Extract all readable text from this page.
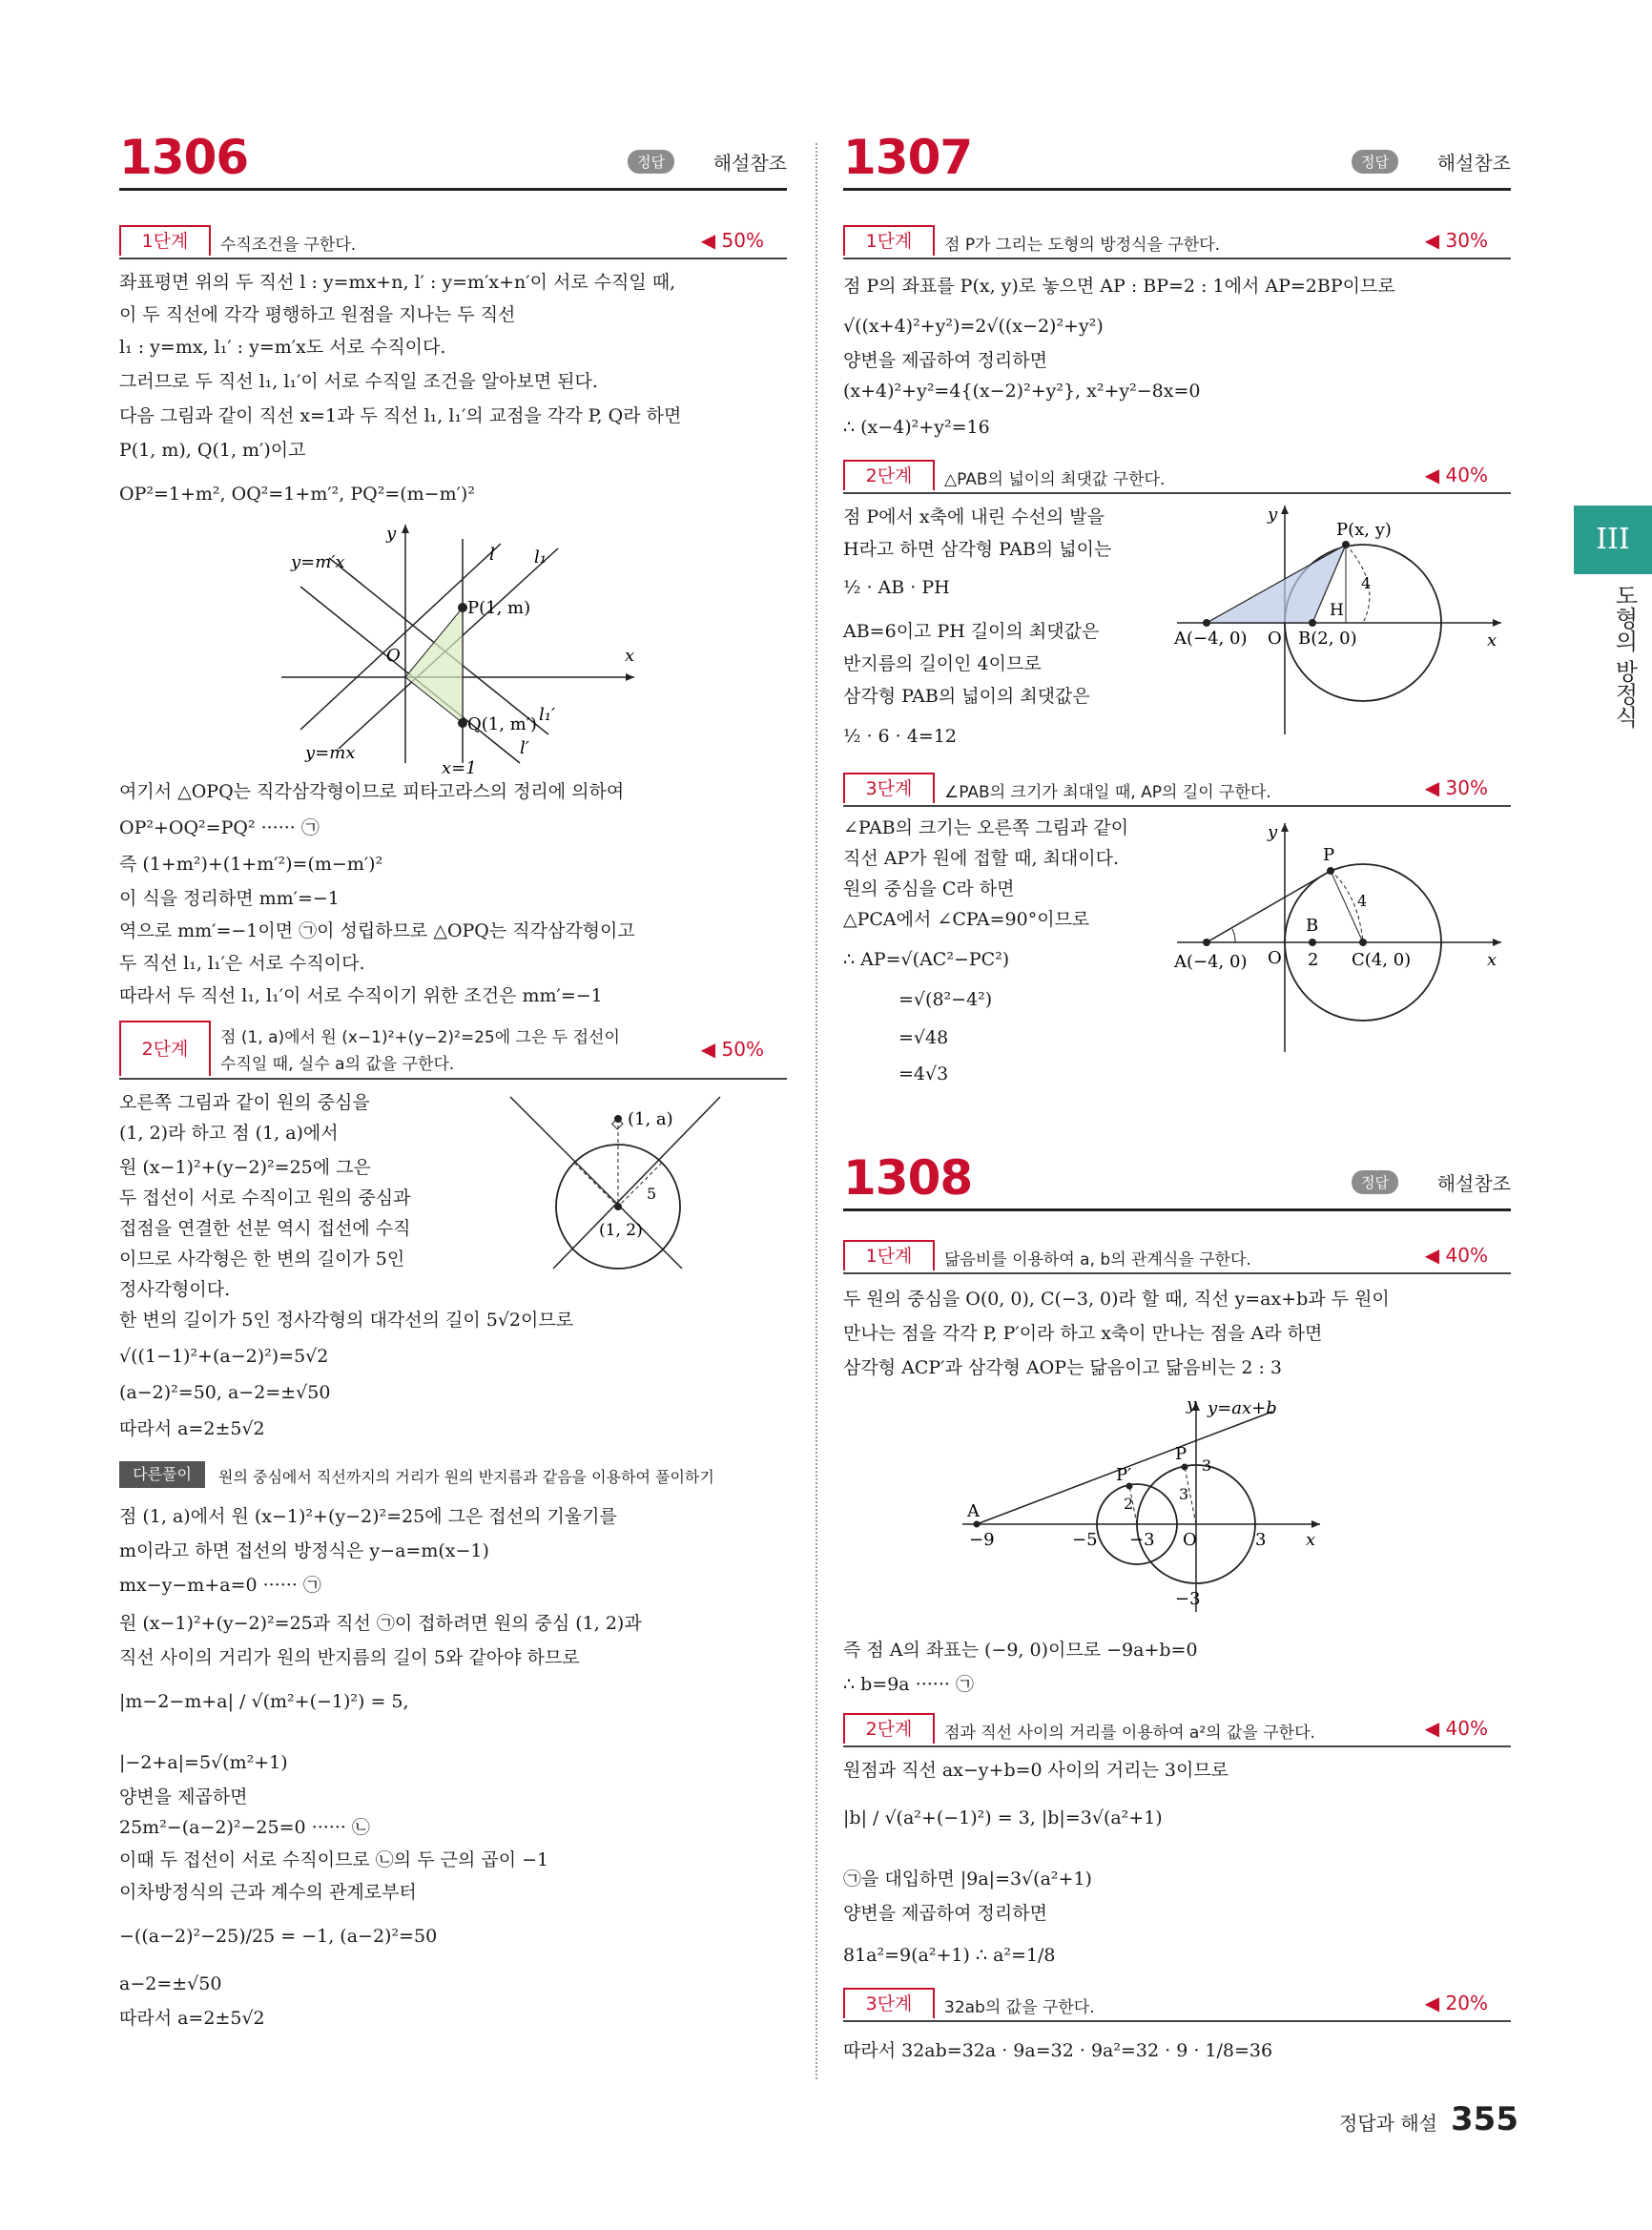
1306	정답	해설참조
1단계	수직조건을 구한다.	◀ 50%
좌표평면 위의 두 직선 l : y=mx+n, l′ : y=m′x+n′이 서로 수직일 때,
이 두 직선에 각각 평행하고 원점을 지나는 두 직선
l₁ : y=mx, l₁′ : y=m′x도 서로 수직이다.
그러므로 두 직선 l₁, l₁′이 서로 수직일 조건을 알아보면 된다.
다음 그림과 같이 직선 x=1과 두 직선 l₁, l₁′의 교점을 각각 P, Q라 하면
P(1, m), Q(1, m′)이고
OP²=1+m², OQ²=1+m′², PQ²=(m−m′)²
y
x
O
P(1, m)
Q(1, m′)
y=m′x
y=mx
l l₁
l₁′
l′
x=1
여기서 △OPQ는 직각삼각형이므로 피타고라스의 정리에 의하여
OP²+OQ²=PQ² ······ ㉠
즉 (1+m²)+(1+m′²)=(m−m′)²
이 식을 정리하면 mm′=−1
역으로 mm′=−1이면 ㉠이 성립하므로 △OPQ는 직각삼각형이고
두 직선 l₁, l₁′은 서로 수직이다.
따라서 두 직선 l₁, l₁′이 서로 수직이기 위한 조건은 mm′=−1
2단계
점 (1, a)에서 원 (x−1)²+(y−2)²=25에 그은 두 접선이
수직일 때, 실수 a의 값을 구한다.
◀ 50%
오른쪽 그림과 같이 원의 중심을
(1, 2)라 하고 점 (1, a)에서
원 (x−1)²+(y−2)²=25에 그은
두 접선이 서로 수직이고 원의 중심과
접점을 연결한 선분 역시 접선에 수직
이므로 사각형은 한 변의 길이가 5인
정사각형이다.
한 변의 길이가 5인 정사각형의 대각선의 길이 5√2이므로
√((1−1)²+(a−2)²)=5√2
(a−2)²=50, a−2=±√50
따라서 a=2±5√2
(1, a)
(1, 2)
5
다른풀이	원의 중심에서 직선까지의 거리가 원의 반지름과 같음을 이용하여 풀이하기
점 (1, a)에서 원 (x−1)²+(y−2)²=25에 그은 접선의 기울기를
m이라고 하면 접선의 방정식은 y−a=m(x−1)
mx−y−m+a=0 ······ ㉠
원 (x−1)²+(y−2)²=25과 직선 ㉠이 접하려면 원의 중심 (1, 2)과
직선 사이의 거리가 원의 반지름의 길이 5와 같아야 하므로
|m−2−m+a| / √(m²+(−1)²) = 5,
|−2+a|=5√(m²+1)
양변을 제곱하면
25m²−(a−2)²−25=0 ······ ㉡
이때 두 접선이 서로 수직이므로 ㉡의 두 근의 곱이 −1
이차방정식의 근과 계수의 관계로부터
−((a−2)²−25)/25 = −1, (a−2)²=50
a−2=±√50
따라서 a=2±5√2
1307	정답	해설참조
1단계	점 P가 그리는 도형의 방정식을 구한다.	◀ 30%
점 P의 좌표를 P(x, y)로 놓으면 AP : BP=2 : 1에서 AP=2BP이므로
√((x+4)²+y²)=2√((x−2)²+y²)
양변을 제곱하여 정리하면
(x+4)²+y²=4{(x−2)²+y²}, x²+y²−8x=0
∴ (x−4)²+y²=16
2단계	△PAB의 넓이의 최댓값 구한다.	◀ 40%
점 P에서 x축에 내린 수선의 발을
H라고 하면 삼각형 PAB의 넓이는
½ · AB · PH
AB=6이고 PH 길이의 최댓값은
반지름의 길이인 4이므로
삼각형 PAB의 넓이의 최댓값은
½ · 6 · 4=12
y
x
O
P(x, y)
A(−4, 0)	B(2, 0)
H
4
3단계	∠PAB의 크기가 최대일 때, AP의 길이 구한다.	◀ 30%
∠PAB의 크기는 오른쪽 그림과 같이
직선 AP가 원에 접할 때, 최대이다.
원의 중심을 C라 하면
△PCA에서 ∠CPA=90°이므로
∴ AP=√(AC²−PC²)
=√(8²−4²)
=√48
=4√3
y
x
O
P
A(−4, 0)
B
2 C(4, 0)
4
1308	정답	해설참조
1단계	닮음비를 이용하여 a, b의 관계식을 구한다.	◀ 40%
두 원의 중심을 O(0, 0), C(−3, 0)라 할 때, 직선 y=ax+b과 두 원이
만나는 점을 각각 P, P′이라 하고 x축이 만나는 점을 A라 하면
삼각형 ACP′과 삼각형 AOP는 닮음이고 닮음비는 2 : 3
y y=ax+b
x
O
A
P
P′
−9	−5 −3	3
−3
2
3
3
즉 점 A의 좌표는 (−9, 0)이므로 −9a+b=0
∴ b=9a ······ ㉠
2단계	점과 직선 사이의 거리를 이용하여 a²의 값을 구한다.	◀ 40%
원점과 직선 ax−y+b=0 사이의 거리는 3이므로
|b| / √(a²+(−1)²) = 3, |b|=3√(a²+1)
㉠을 대입하면 |9a|=3√(a²+1)
양변을 제곱하여 정리하면
81a²=9(a²+1) ∴ a²=1/8
3단계	32ab의 값을 구한다.	◀ 20%
따라서 32ab=32a · 9a=32 · 9a²=32 · 9 · 1/8=36
III
도형의 방정식
정답과 해설 355
